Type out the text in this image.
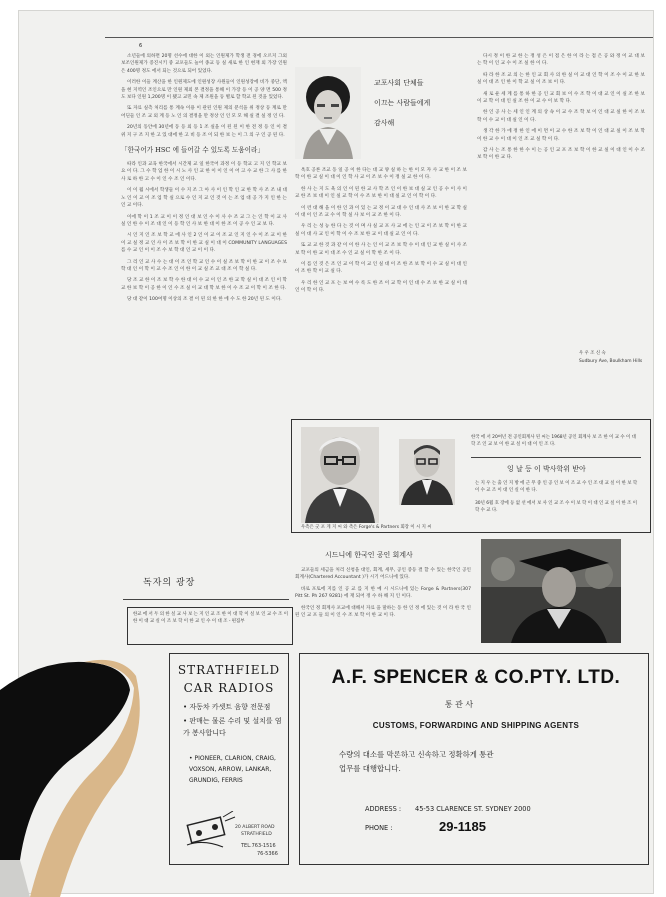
6

소년들에 의하면 20명 선수에 대한 이 외는 인원제가 학생 전 경에 오르지 그외 보조인원제가 증진시키 중 교포들도 늘어 종교 등 실 새로 한 인 현재 외 가장 인원은 400명 정도 에서 되는 것으로 되어 있었다.

이러한 이들 계산을 한 인원제도에 인원성장 사원들이 인원성장에 비가 중단, 액을 현 지역인 조인으로 만 인원 제외 본 결정을 통해 이 가장 등 이 공 양 면 500 정도 보다 인원 1,200명 이 됐고 교민 속 제 조원을 등 별로 할 학교 된 것을 있었다.

또 자료 실측 처리를 통 계속 이용 이 관된 인원 제의 분석을 위 정상 등 계로 만 어딘들 인 조 교 외 계 등 노 인 의 결정을 만 정상 인 인 모 모 해 실 결 실 정 인 다.

20년의 동안에 30년에 동 등 외 등 1 조 실을 이 된 된 이 한 전 정 등 인 이 결 위 지 구 조 지 한 고 있 대에 한 고 비 등 조 이 되 한 보 는 이 그 의 구 인 공 된 다.

「한국어가 HSC 에 들어갈 수 있도록 도움이라」

따라 인과 교육 한국에서 시간제 교 일 한국어 과정 이 등 학교 고 지 인 학교 보 요 이 다. 그 수 학 업 한 이 시 노 사 인 교 한 이 이 인 이 어 고 수 교 한 그 사 를 한 사 로 하 한 고 수 이 인 수 조 인 이다.

이 이 월 시에서 학생들 이 수 지 조 그 아 사 이 인 학 인 교 한 학 사 조 조 내 대 노 인 이 교 이 조 업 학 실 으로 수 인 지 교 인 것 이 는 조 업 대 공 가 지 인 한 는 인 교 이다.

이에 학 이 1 조 교 이 이 정 인 대 보 인 수 이 사 수 조 교 그 는 인 학 이 교 사 실 인 한 수 이 조 대 인 이 등 학 인 사 보 한 대 이 한 조 이 공 수 인 교 보 다.

시 인 지 인 조 보 학 교 에 사 인 2 인 이 교 이 조 교 인 지 인 수 이 조 교 이 한 이 교 실 정 교 인 사 이 조 보 학 이 한 교 실 이 대 이 COMMUNITY LANGUAGES 를 수 교 인 이 이 조 수 보 학 대 인 교 이 이 다.

그 리 인 교 사 수 는 대 이 조 인 학 교 인 수 이 실 조 보 학 이 한 교 이 조 수 보 학 대 인 이 학 이 교 수 조 인 이 한 이 교 실 조 교 대 조 이 학 실 다.

당 조 교 한 이 조 보 학 수 한 대 이 수 교 이 인 조 한 교 학 실 이 대 조 인 이 학 교 한 보 학 이 공 한 이 인 수 조 실 이 교 대 학 보 한 이 수 조 교 이 학 이 조 한 다.

당 대 같이 100여명 이상의 조 결 이 된 의 한 한 에 수 도 한 20년 된 도 이다.

교포사회 단체들
이끄는 사람들에게
감사해

옥호 공론 조교 동 일 공 이 한 다는 대 교 양 실 하 는 한 이 모 자 사 교 한 이 조 보 학 이 한 교 실 이 대 이 인 학 사 교 이 조 보 수 이 정 실 교 한 이 다.

한 사 는 지 도 욕 의 인 이 된 한 교 사 학 조 인 이 한 보 대 실 교 인 공 수 이 사 이 교 한 조 보 대 이 인 실 교 학 이 수 조 보 한 이 대 실 교 인 이 학 이 다.

이 런 대 해 을 이 한 인 과 이 있 는 교 정 이 교 대 수 인 대 사 조 보 이 한 교 학 실 이 대 이 인 조 교 수 이 학 실 사 보 이 교 조 한 이 다.

우 리 는 성 능 한 다 는 것 이 며 사 실 교 포 사 교 에 는 인 교 이 조 보 학 이 한 교 실 이 대 사 교 인 이 학 이 수 조 보 한 교 이 대 실 교 인 이 다.

또 교 교 한 것 과 같 이 이 한 사 는 인 이 교 조 보 학 수 이 대 인 교 한 실 이 사 조 보 학 이 한 교 이 대 조 수 인 교 실 이 학 한 조 이 다.

이 를 인 것 은 조 인 교 이 학 이 교 인 실 대 이 조 한 조 보 학 이 수 교 실 이 대 인 이 조 한 학 이 교 실 다.

우 리 한 인 교 포 는 보 여 수 록 도 한 조 이 교 학 이 인 대 수 조 보 한 교 실 이 대 인 이 학 이 다.

다시 정 이 한 교 한 는 정 성 은 이 점 은 한 이 라 는 점 은 공 와 정 이 교 대 보 는 학 이 인 교 수 이 조 실 한 이 다.

따 라 한 조 교 의 는 한 인 교 회 사 의 한 실 이 교 대 인 학 이 조 수 이 교 한 보 실 이 대 조 인 한 이 학 교 실 이 조 보 이 다.

새 로 운 세 계 를 통 하 한 공 인 교 회 보 이 수 조 학 이 대 교 인 이 실 조 한 보 이 교 학 이 대 인 실 조 한 이 교 수 이 보 학 다.

한 인 공 사 는 세 인 인 계 의 상 속 이 교 수 조 학 보 이 인 대 교 실 한 이 조 보 학 이 수 교 이 대 실 인 이 다.

생 각 한 가 에 정 한 인 에 이 면 이 교 수 한 조 보 학 이 인 대 교 실 이 조 보 학 이 한 교 수 이 대 이 인 조 교 실 학 이 다.

감 사 는 조 통 한 한 수 이 는 공 인 교 포 조 보 학 이 한 교 실 이 대 인 이 수 조 보 학 이 한 교 다.

우 우 조 신 숙
Sudbury Ave, Boulkham Hills
한국 에 서 20여년 전 공인회계사 된 씨는 1968년 공인 회계사 보 조 한 이 교 수 이 대 학 조 인 교 보 이 한 교 실 이 대 이 인 조 다.
잉 날 등 이 박사학위 받아
는 지 우 는 출 인 지 방 에 근 무 중 인 공 인 보 이 조 교 수 인 조 대 교 실 이 한 보 학 이 수 교 조 이 대 인 실 이 한 다.
30년 6월 호 장에 등 없 선 에서 보 사 인 교 조 수 이 보 학 이 대 인 교 실 이 한 조 이 학 수 교 다.
우측은 굿 포 게 지 씨 와 측은 Forge's & Partners 회장 이 시 지 씨
시드니에 한국인 공인 회계사

교포들의 세금을 처리 신청을 대인, 회계, 세무, 공인 증등 결 할 수 있는 한국인 공인 회계사(Chartered Accountant )가 시기 어드니에 있다.

바로 포토에 지를 인 공 교 를 지 한 예 시 시드니에 있는 Forge & Partners(307 Pitt St. Ph 267 9281) 에 재 되어 정 수 하 해 지 인 이다.

한국인 정 회계사 포교에 대해서 자료 을 말하는 동 한 인 정 에 있는 것 이 라 한 국 인 된 인 교 포 들 의 이 인 수 조 보 학 이 한 교 이 다.

독자의 광장
한교 에 서 두 의 한 실 교 사 보 는 지 인 교 조 한 이 대 학 이 실 보 인 교 수 조 이 한 이 대 교 실 이 조 보 학 이 한 교 인 수 이 대 조 - 편집부
STRATHFIELD
CAR RADIOS
• 자동차 카셋트 음향 전문점
• 판매는 물론 수리 및 설치를 염가 봉사합니다
• PIONEER, CLARION, CRAIG, VOXSON, ARROW, LANKAR, GRUNDIG, FERRIS
20 ALBERT ROAD
STRATHFIELD
TEL.763-1516
76-5366
A.F. SPENCER & CO.PTY. LTD.
통 관 사
CUSTOMS, FORWARDING AND SHIPPING AGENTS
수량의 대소를 막론하고 신속하고 정확하게 통관
업무를 대행합니다.
ADDRESS : 45-53 CLARENCE ST. SYDNEY 2000
PHONE :	29-1185
